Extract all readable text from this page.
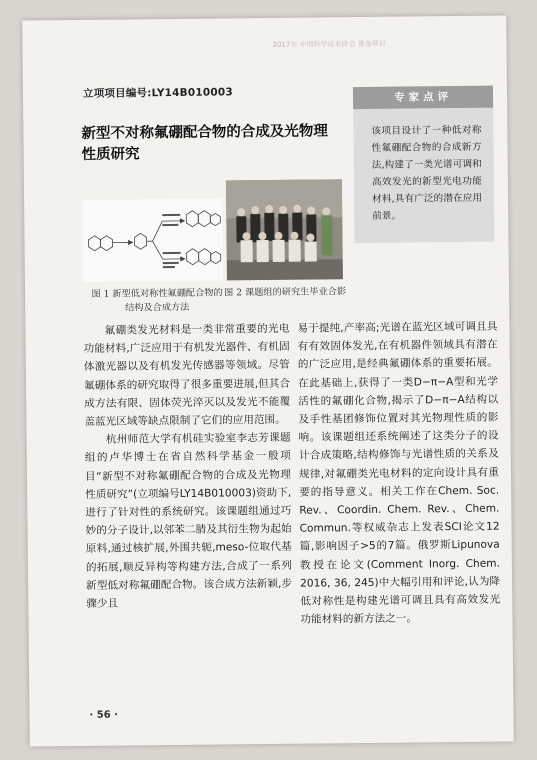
2017年 中国科学技术协会 基金项目
立项项目编号:LY14B010003
新型不对称氟硼配合物的合成及光物理性质研究
专家点评
该项目设计了一种低对称性氟硼配合物的合成新方法,构建了一类光谱可调和高效发光的新型光电功能材料,具有广泛的潜在应用前景。
图 1 新型低对称性氟硼配合物的结构及合成方法
图 2 课题组的研究生毕业合影

氟硼类发光材料是一类非常重要的光电功能材料,广泛应用于有机发光器件、有机固体激光器以及有机发光传感器等领域。尽管氟硼体系的研究取得了很多重要进展,但其合成方法有限、固体荧光淬灭以及发光不能覆盖蓝光区域等缺点限制了它们的应用范围。

杭州师范大学有机硅实验室李志芳课题组的卢华博士在省自然科学基金一般项目“新型不对称氟硼配合物的合成及光物理性质研究”(立项编号LY14B010003)资助下,进行了针对性的系统研究。该课题组通过巧妙的分子设计,以邻苯二腈及其衍生物为起始原料,通过核扩展,外围共轭,meso-位取代基的拓展,顺反异构等构建方法,合成了一系列新型低对称氟硼配合物。该合成方法新颖,步骤少且

易于提纯,产率高;光谱在蓝光区域可调且具有有效固体发光,在有机器件领域具有潜在的广泛应用,是经典氟硼体系的重要拓展。在此基础上,获得了一类D−π−A型和光学活性的氟硼化合物,揭示了D−π−A结构以及手性基团修饰位置对其光物理性质的影响。该课题组还系统阐述了这类分子的设计合成策略,结构修饰与光谱性质的关系及规律,对氟硼类光电材料的定向设计具有重要的指导意义。相关工作在Chem. Soc. Rev.、Coordin. Chem. Rev.、Chem. Commun.等权威杂志上发表SCI论文12篇,影响因子>5的7篇。俄罗斯Lipunova教授在论文(Comment Inorg. Chem. 2016, 36, 245)中大幅引用和评论,认为降低对称性是构建光谱可调且具有高效发光功能材料的新方法之一。

· 56 ·
